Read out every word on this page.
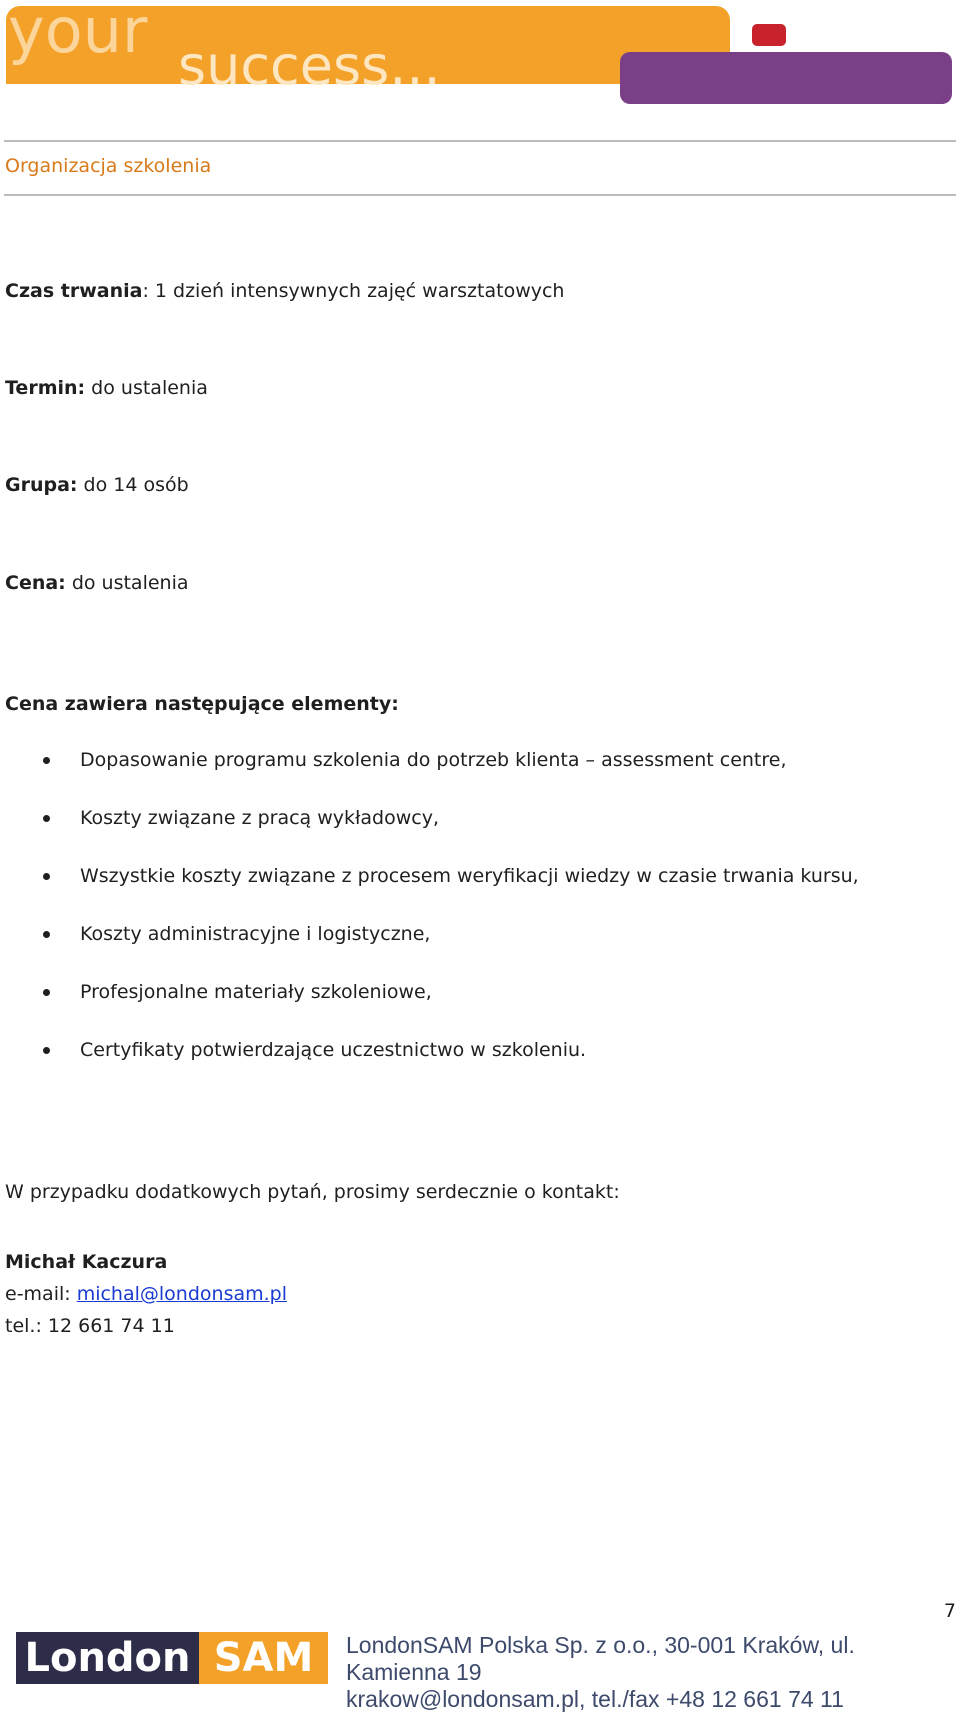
your success...
Organizacja szkolenia
Czas trwania: 1 dzień intensywnych zajęć warsztatowych
Termin: do ustalenia
Grupa: do 14 osób
Cena: do ustalenia
Cena zawiera następujące elementy:
Dopasowanie programu szkolenia do potrzeb klienta – assessment centre,
Koszty związane z pracą wykładowcy,
Wszystkie koszty związane z procesem weryfikacji wiedzy w czasie trwania kursu,
Koszty administracyjne i logistyczne,
Profesjonalne materiały szkoleniowe,
Certyfikaty potwierdzające uczestnictwo w szkoleniu.
W przypadku dodatkowych pytań, prosimy serdecznie o kontakt:
Michał Kaczura
e-mail: michal@londonsam.pl
tel.: 12 661 74 11
7
London SAM	LondonSAM Polska Sp. z o.o., 30-001 Kraków, ul. Kamienna 19
krakow@londonsam.pl, tel./fax +48 12 661 74 11
